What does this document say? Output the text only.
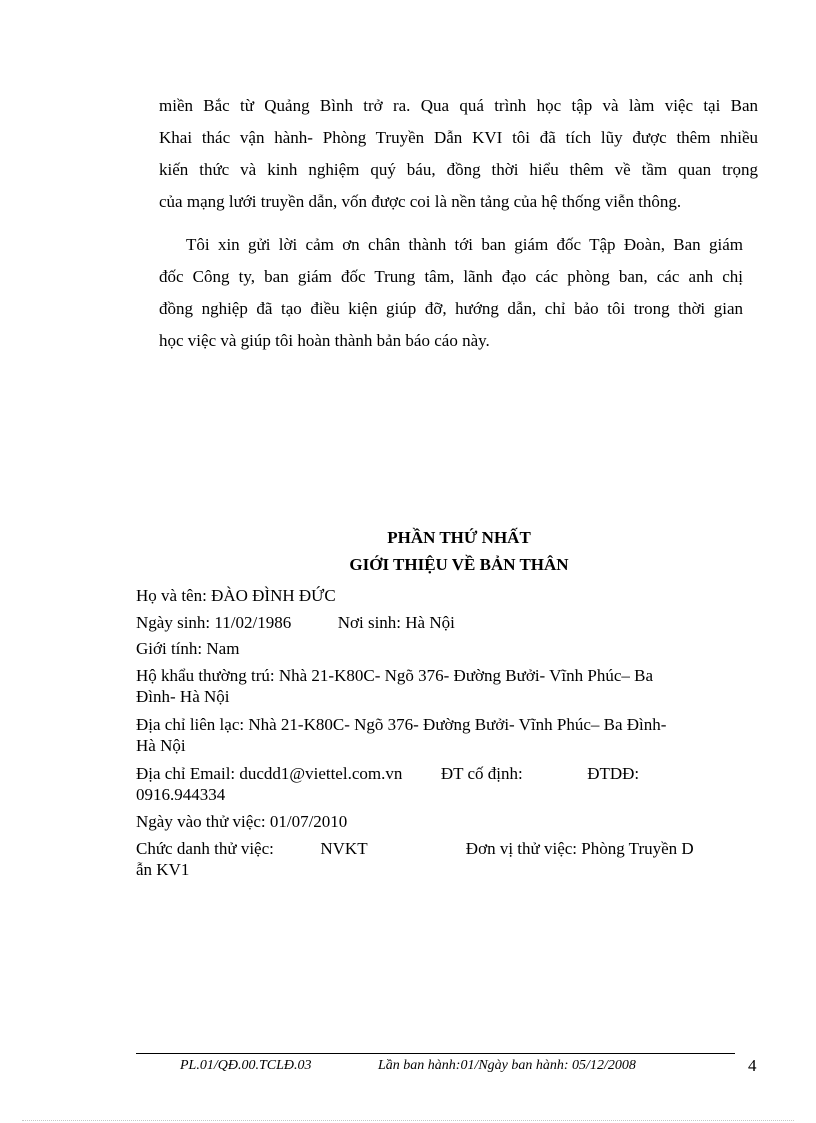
miền Bắc từ Quảng Bình trở ra. Qua quá trình học tập và làm việc tại Ban
Khai thác vận hành- Phòng Truyền Dẫn KVI tôi đã tích lũy được thêm nhiều
kiến thức và kinh nghiệm quý báu, đồng thời hiểu thêm về tầm quan trọng
của mạng lưới truyền dẫn, vốn được coi là nền tảng của hệ thống viễn thông.
Tôi xin gửi lời cảm ơn chân thành tới ban giám đốc Tập Đoàn, Ban giám
đốc Công ty, ban giám đốc Trung tâm, lãnh đạo các phòng ban, các anh chị
đồng nghiệp đã tạo điều kiện giúp đỡ, hướng dẫn, chỉ bảo tôi trong thời gian
học việc và giúp tôi hoàn thành bản báo cáo này.
PHẦN THỨ NHẤT
GIỚI THIỆU VỀ BẢN THÂN
Họ và tên: ĐÀO ĐÌNH ĐỨC
Ngày sinh: 11/02/1986	Nơi sinh: Hà Nội
Giới tính: Nam
Hộ khẩu thường trú: Nhà 21-K80C- Ngõ 376- Đường Bưởi- Vĩnh Phúc– Ba
Đình- Hà Nội
Địa chỉ liên lạc: Nhà 21-K80C- Ngõ 376- Đường Bưởi- Vĩnh Phúc– Ba Đình-
Hà Nội
Địa chỉ Email: ducdd1@viettel.com.vn ĐT cố định:	ĐTDĐ:
0916.944334
Ngày vào thử việc: 01/07/2010
Chức danh thử việc:	NVKT	Đơn vị thử việc: Phòng Truyền D
ẫn KV1
PL.01/QĐ.00.TCLĐ.03	Lần ban hành:01/Ngày ban hành: 05/12/2008	4
